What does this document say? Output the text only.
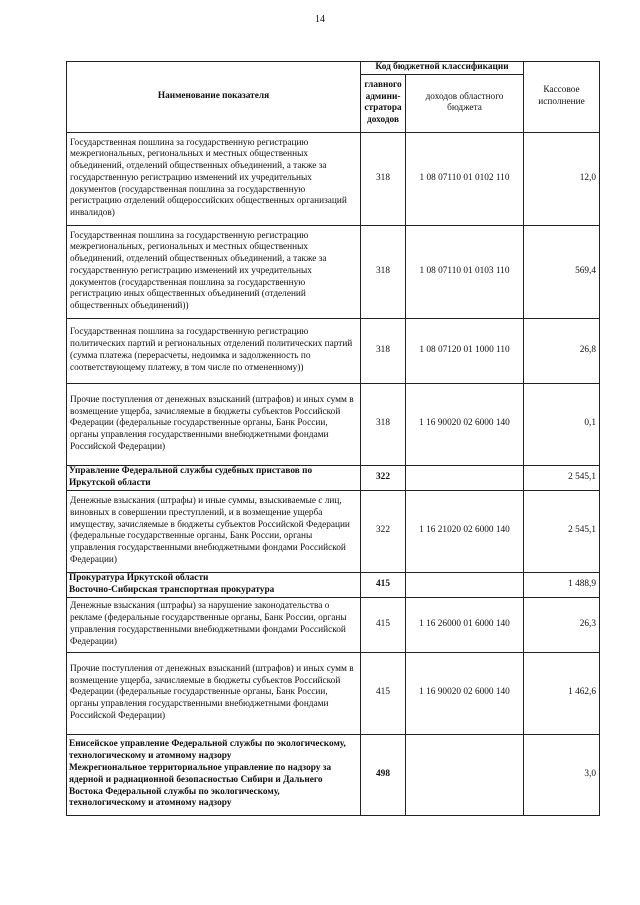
14
Наименование показателя	Код бюджетной классификации		Кассовое исполнение
	главного админи- стратора доходов	доходов областного бюджета	
Государственная пошлина за государственную регистрацию межрегиональных, региональных и местных общественных объединений, отделений общественных объединений, а также за государственную регистрацию изменений их учредительных документов (государственная пошлина за государственную регистрацию отделений общероссийских общественных организаций инвалидов)	318	1 08 07110 01 0102 110	12,0
Государственная пошлина за государственную регистрацию межрегиональных, региональных и местных общественных объединений, отделений общественных объединений, а также за государственную регистрацию изменений их учредительных документов (государственная пошлина за государственную регистрацию иных общественных объединений (отделений общественных объединений))	318	1 08 07110 01 0103 110	569,4
Государственная пошлина за государственную регистрацию политических партий и региональных отделений политических партий (сумма платежа (перерасчеты, недоимка и задолженность по соответствующему платежу, в том числе по отмененному))	318	1 08 07120 01 1000 110	26,8
Прочие поступления от денежных взысканий (штрафов) и иных сумм в возмещение ущерба, зачисляемые в бюджеты субъектов Российской Федерации (федеральные государственные органы, Банк России, органы управления государственными внебюджетными фондами Российской Федерации)	318	1 16 90020 02 6000 140	0,1
Управление Федеральной службы судебных приставов по Иркутской области	322		2 545,1
Денежные взыскания (штрафы) и иные суммы, взыскиваемые с лиц, виновных в совершении преступлений, и в возмещение ущерба имуществу, зачисляемые в бюджеты субъектов Российской Федерации (федеральные государственные органы, Банк России, органы управления государственными внебюджетными фондами Российской Федерации)	322	1 16 21020 02 6000 140	2 545,1
Прокуратура Иркутской области
Восточно-Сибирская транспортная прокуратура	415		1 488,9
Денежные взыскания (штрафы) за нарушение законодательства о рекламе (федеральные государственные органы, Банк России, органы управления государственными внебюджетными фондами Российской Федерации)	415	1 16 26000 01 6000 140	26,3
Прочие поступления от денежных взысканий (штрафов) и иных сумм в возмещение ущерба, зачисляемые в бюджеты субъектов Российской Федерации (федеральные государственные органы, Банк России, органы управления государственными внебюджетными фондами Российской Федерации)	415	1 16 90020 02 6000 140	1 462,6
Енисейское управление Федеральной службы по экологическому, технологическому и атомному надзору
Межрегиональное территориальное управление по надзору за ядерной и радиационной безопасностью Сибири и Дальнего Востока Федеральной службы по экологическому, технологическому и атомному надзору	498		3,0
